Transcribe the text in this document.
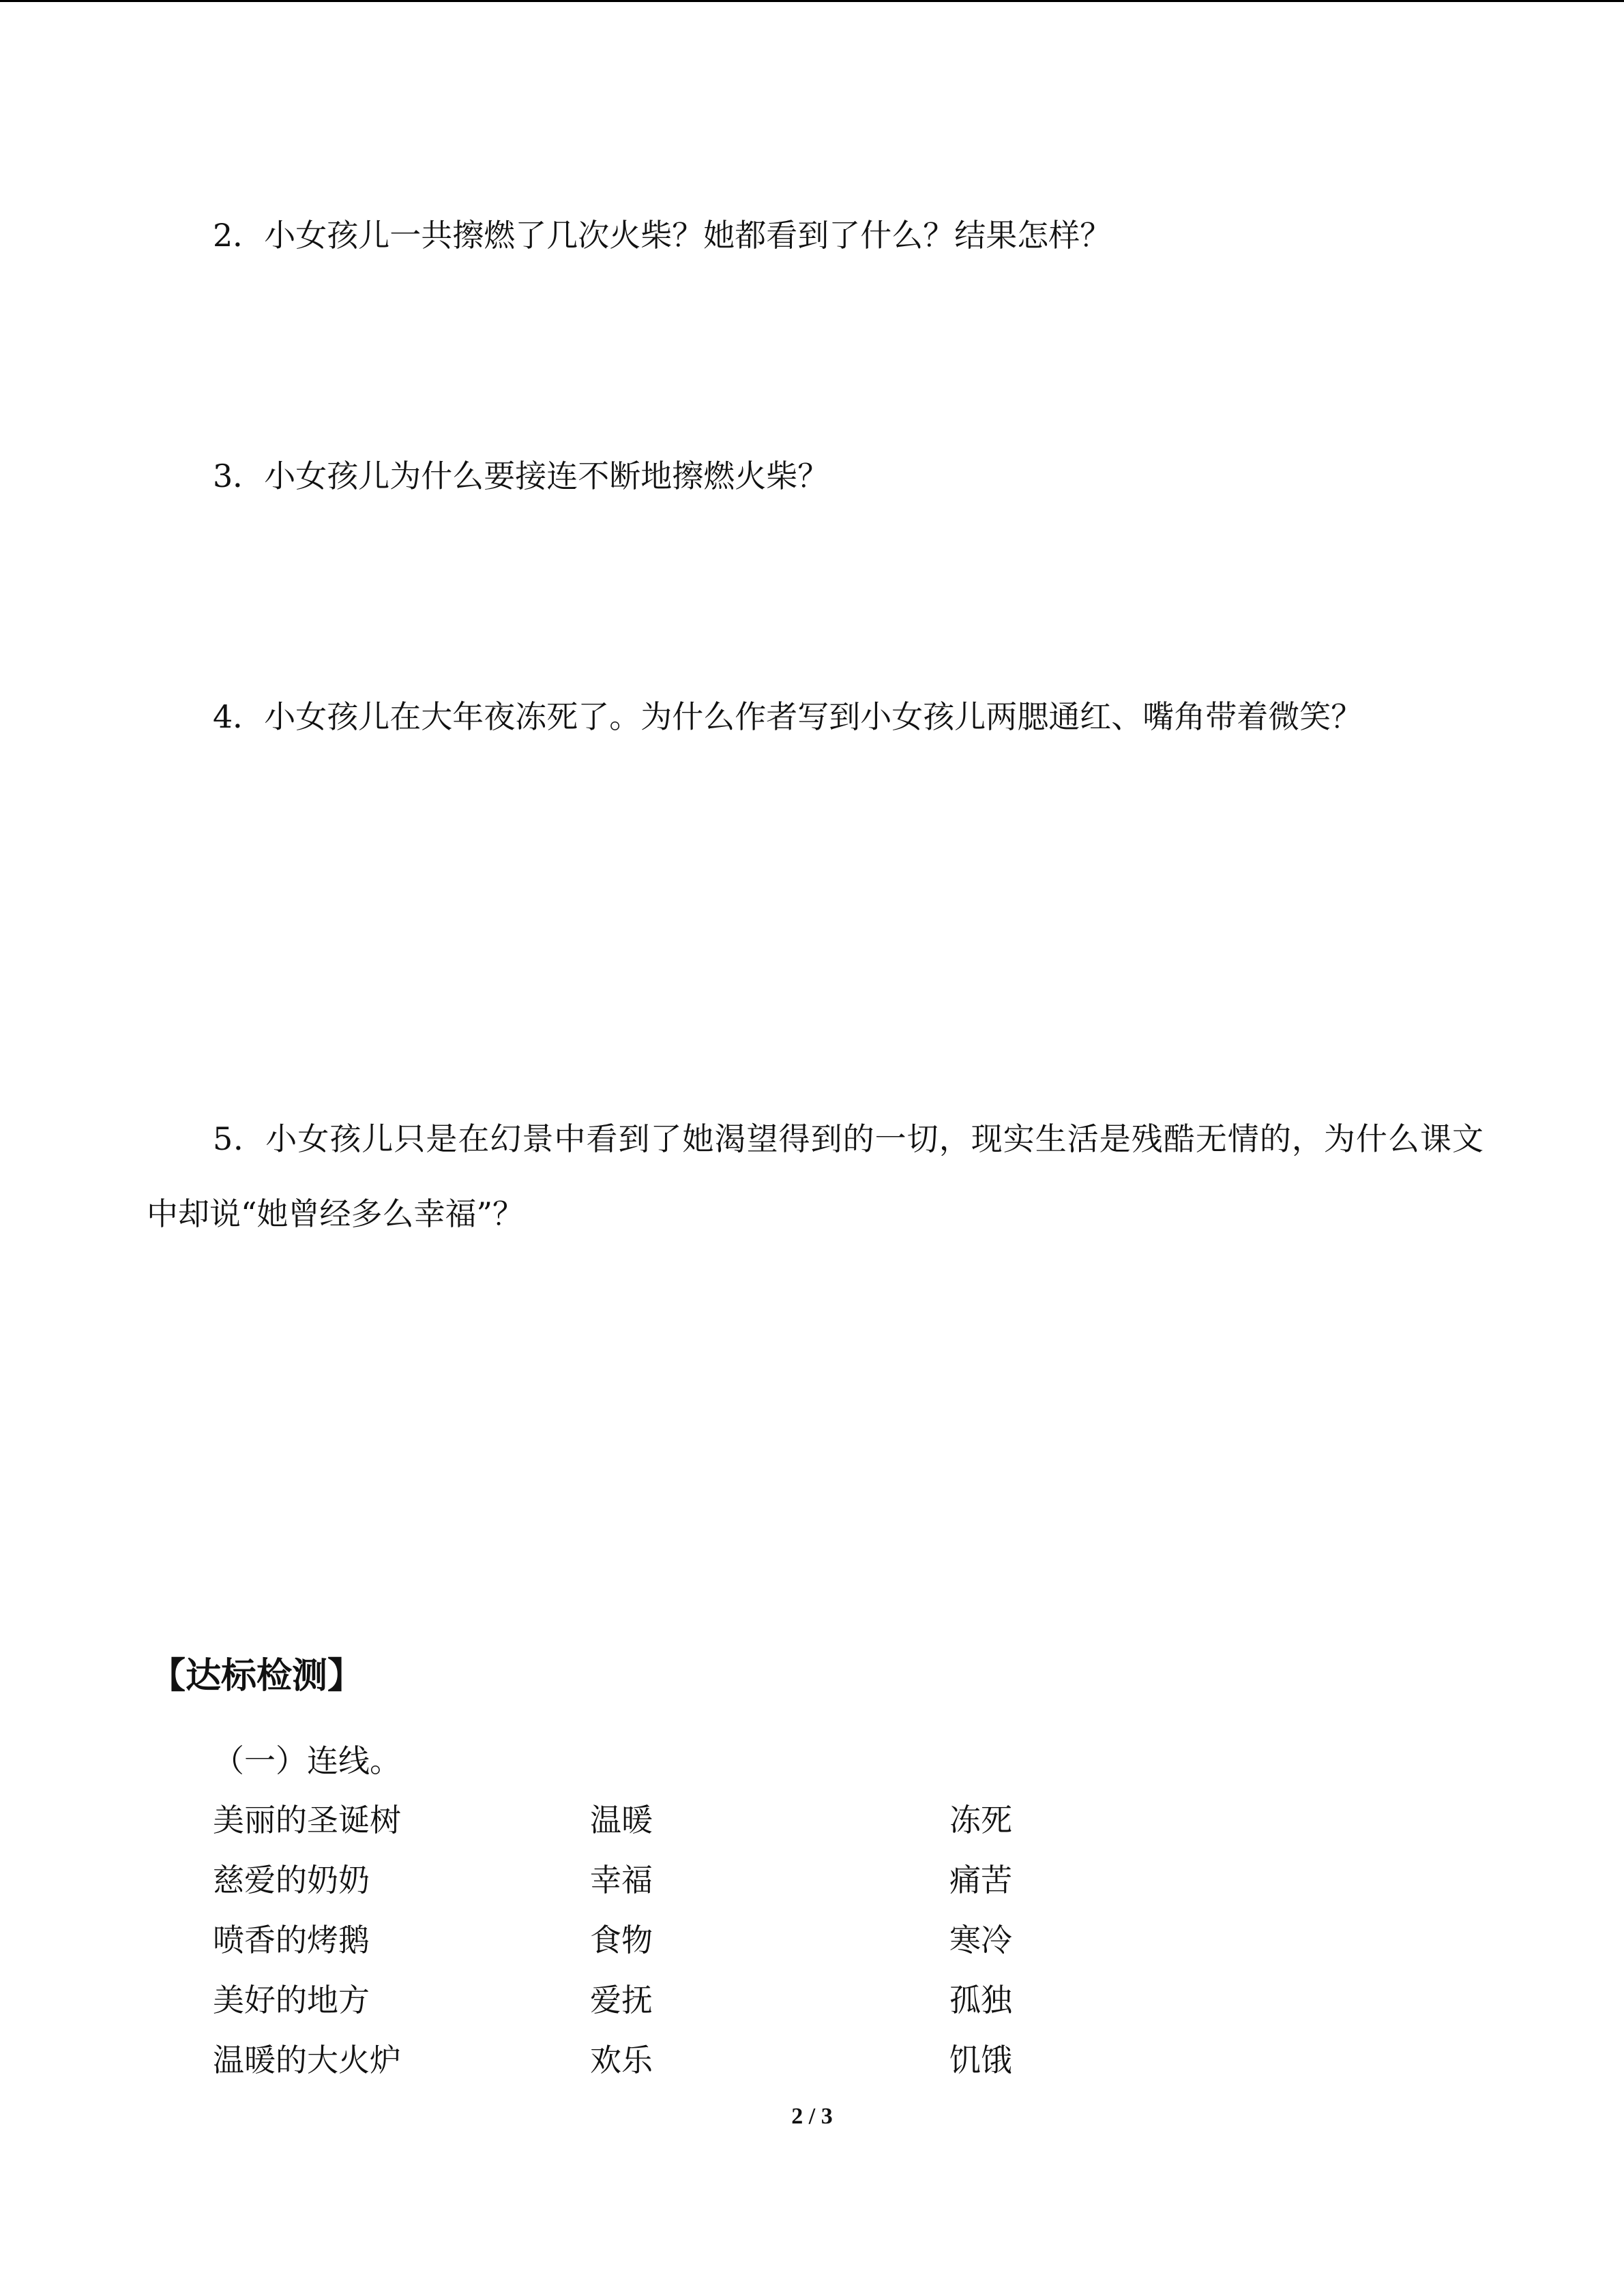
2．小女孩儿一共擦燃了几次火柴？她都看到了什么？结果怎样？
3．小女孩儿为什么要接连不断地擦燃火柴？
4．小女孩儿在大年夜冻死了。为什么作者写到小女孩儿两腮通红、嘴角带着微笑？
5．小女孩儿只是在幻景中看到了她渴望得到的一切，现实生活是残酷无情的，为什么课文中却说“她曾经多么幸福”？
【达标检测】
（一）连线。
美丽的圣诞树	温暖	冻死
慈爱的奶奶	幸福	痛苦
喷香的烤鹅	食物	寒冷
美好的地方	爱抚	孤独
温暖的大火炉	欢乐	饥饿
2 / 3
